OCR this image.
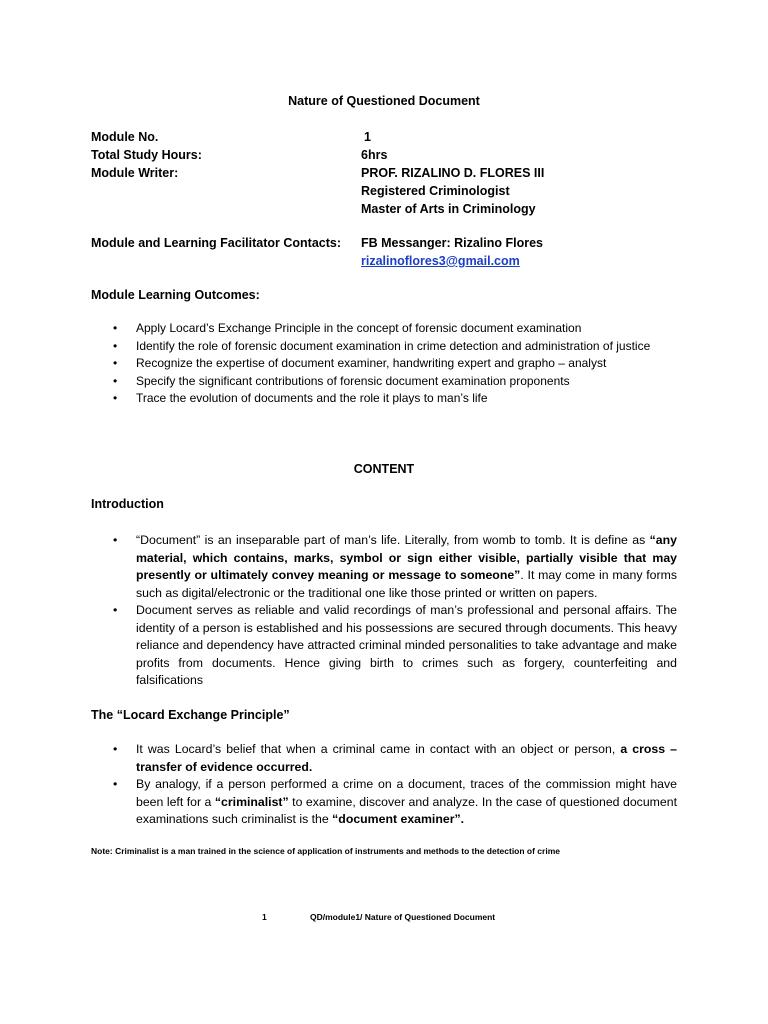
Nature of Questioned Document
Module No.	1
Total Study Hours:	6hrs
Module Writer:	PROF. RIZALINO D. FLORES III
Registered Criminologist
Master of Arts in Criminology
Module and Learning Facilitator Contacts:	FB Messanger: Rizalino Flores
rizalinoflores3@gmail.com
Module Learning Outcomes:
• Apply Locard’s Exchange Principle in the concept of forensic document examination
• Identify the role of forensic document examination in crime detection and administration of justice
• Recognize the expertise of document examiner, handwriting expert and grapho – analyst
• Specify the significant contributions of forensic document examination proponents
• Trace the evolution of documents and the role it plays to man’s life
CONTENT
Introduction
• “Document” is an inseparable part of man’s life. Literally, from womb to tomb. It is define as “any material, which contains, marks, symbol or sign either visible, partially visible that may presently or ultimately convey meaning or message to someone”. It may come in many forms such as digital/electronic or the traditional one like those printed or written on papers.
• Document serves as reliable and valid recordings of man’s professional and personal affairs. The identity of a person is established and his possessions are secured through documents. This heavy reliance and dependency have attracted criminal minded personalities to take advantage and make profits from documents. Hence giving birth to crimes such as forgery, counterfeiting and falsifications
The “Locard Exchange Principle”
• It was Locard’s belief that when a criminal came in contact with an object or person, a cross – transfer of evidence occurred.
• By analogy, if a person performed a crime on a document, traces of the commission might have been left for a “criminalist” to examine, discover and analyze. In the case of questioned document examinations such criminalist is the “document examiner”.
Note: Criminalist is a man trained in the science of application of instruments and methods to the detection of crime
1	QD/module1/ Nature of Questioned Document
